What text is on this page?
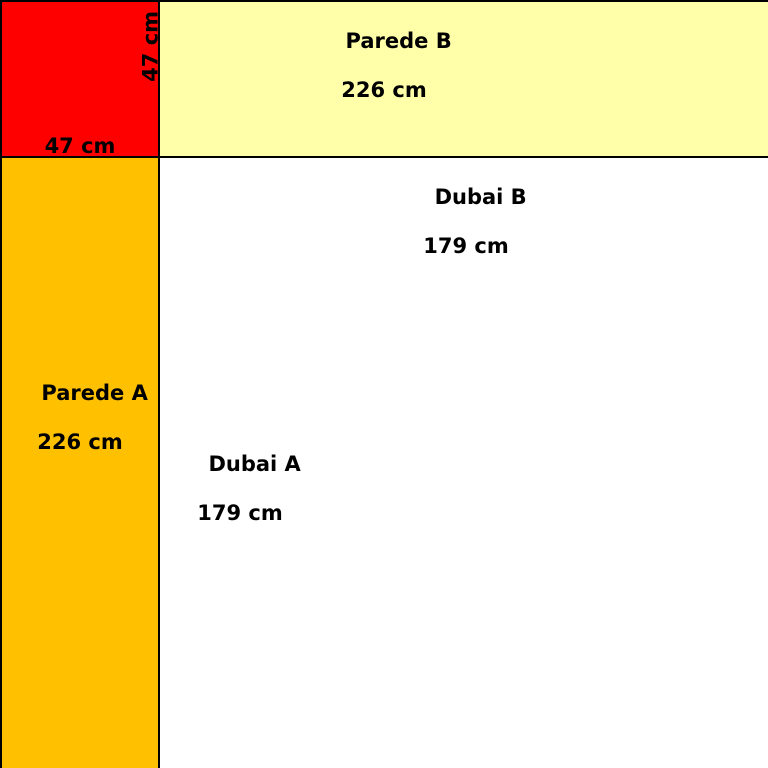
Parede B

226 cm

Dubai B

179 cm

Parede A

226 cm

Dubai A

179 cm

47 cm
47 cm
